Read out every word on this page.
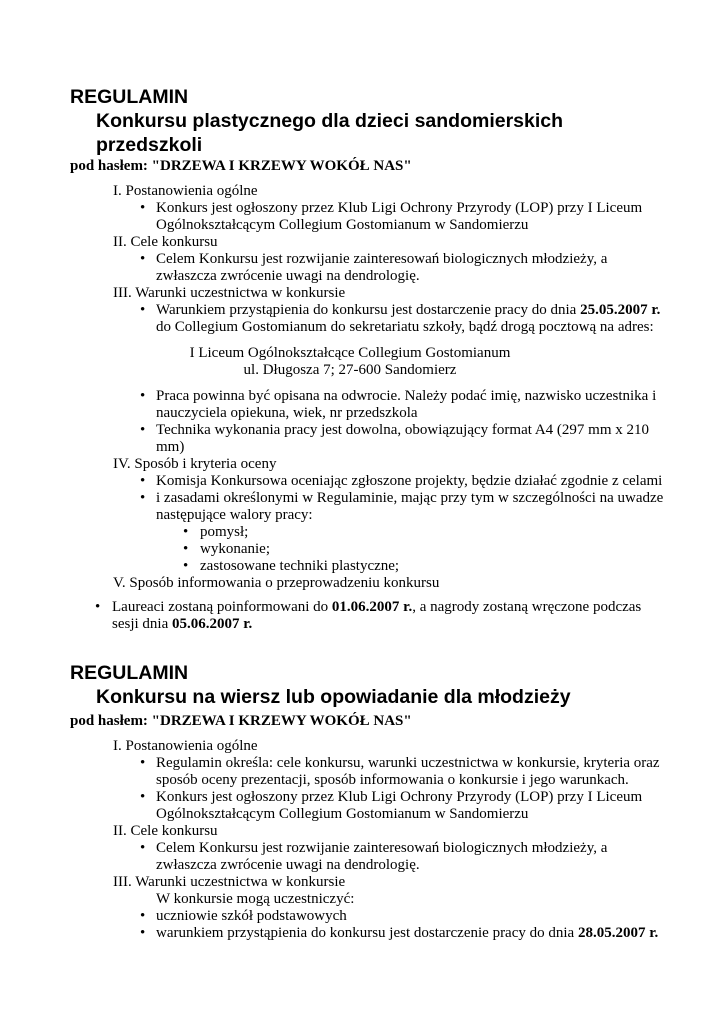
REGULAMIN
Konkursu plastycznego dla dzieci sandomierskich
przedszkoli
pod hasłem: "DRZEWA I KRZEWY WOKÓŁ NAS"
I. Postanowienia ogólne
• Konkurs jest ogłoszony przez Klub Ligi Ochrony Przyrody (LOP) przy I Liceum
Ogólnokształcącym Collegium Gostomianum w Sandomierzu
II. Cele konkursu
• Celem Konkursu jest rozwijanie zainteresowań biologicznych młodzieży, a
zwłaszcza zwrócenie uwagi na dendrologię.
III. Warunki uczestnictwa w konkursie
• Warunkiem przystąpienia do konkursu jest dostarczenie pracy do dnia 25.05.2007 r.
do Collegium Gostomianum do sekretariatu szkoły, bądź drogą pocztową na adres:
I Liceum Ogólnokształcące Collegium Gostomianum
ul. Długosza 7; 27-600 Sandomierz
• Praca powinna być opisana na odwrocie. Należy podać imię, nazwisko uczestnika i
nauczyciela opiekuna, wiek, nr przedszkola
• Technika wykonania pracy jest dowolna, obowiązujący format A4 (297 mm x 210
mm)
IV. Sposób i kryteria oceny
• Komisja Konkursowa oceniając zgłoszone projekty, będzie działać zgodnie z celami
• i zasadami określonymi w Regulaminie, mając przy tym w szczególności na uwadze
następujące walory pracy:
• pomysł;
• wykonanie;
• zastosowane techniki plastyczne;
V. Sposób informowania o przeprowadzeniu konkursu
• Laureaci zostaną poinformowani do 01.06.2007 r., a nagrody zostaną wręczone podczas
sesji dnia 05.06.2007 r.
REGULAMIN
Konkursu na wiersz lub opowiadanie dla młodzieży
pod hasłem: "DRZEWA I KRZEWY WOKÓŁ NAS"
I. Postanowienia ogólne
• Regulamin określa: cele konkursu, warunki uczestnictwa w konkursie, kryteria oraz
sposób oceny prezentacji, sposób informowania o konkursie i jego warunkach.
• Konkurs jest ogłoszony przez Klub Ligi Ochrony Przyrody (LOP) przy I Liceum
Ogólnokształcącym Collegium Gostomianum w Sandomierzu
II. Cele konkursu
• Celem Konkursu jest rozwijanie zainteresowań biologicznych młodzieży, a
zwłaszcza zwrócenie uwagi na dendrologię.
III. Warunki uczestnictwa w konkursie
W konkursie mogą uczestniczyć:
• uczniowie szkół podstawowych
• warunkiem przystąpienia do konkursu jest dostarczenie pracy do dnia 28.05.2007 r.
